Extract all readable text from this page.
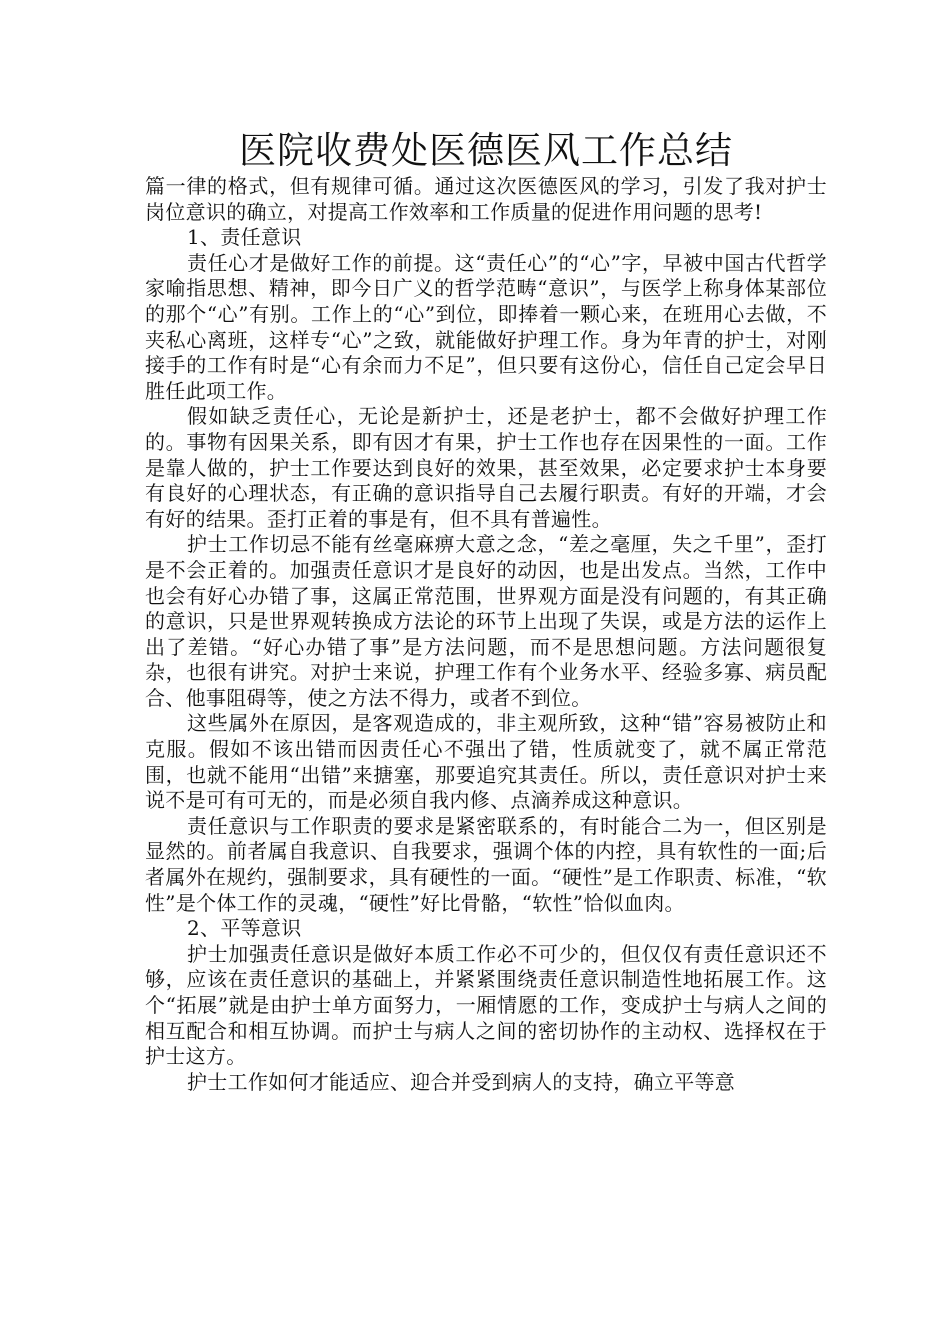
医院收费处医德医风工作总结

篇一律的格式，但有规律可循。通过这次医德医风的学习，引发了我对护士岗位意识的确立，对提高工作效率和工作质量的促进作用问题的思考!

1、责任意识

责任心才是做好工作的前提。这“责任心”的“心”字，早被中国古代哲学家喻指思想、精神，即今日广义的哲学范畴“意识”，与医学上称身体某部位的那个“心”有别。工作上的“心”到位，即捧着一颗心来，在班用心去做，不夹私心离班，这样专“心”之致，就能做好护理工作。身为年青的护士，对刚接手的工作有时是“心有余而力不足”，但只要有这份心，信任自己定会早日胜任此项工作。

假如缺乏责任心，无论是新护士，还是老护士，都不会做好护理工作的。事物有因果关系，即有因才有果，护士工作也存在因果性的一面。工作是靠人做的，护士工作要达到良好的效果，甚至效果，必定要求护士本身要有良好的心理状态，有正确的意识指导自己去履行职责。有好的开端，才会有好的结果。歪打正着的事是有，但不具有普遍性。

护士工作切忌不能有丝毫麻痹大意之念，“差之毫厘，失之千里”，歪打是不会正着的。加强责任意识才是良好的动因，也是出发点。当然，工作中也会有好心办错了事，这属正常范围，世界观方面是没有问题的，有其正确的意识，只是世界观转换成方法论的环节上出现了失误，或是方法的运作上出了差错。“好心办错了事”是方法问题，而不是思想问题。方法问题很复杂，也很有讲究。对护士来说，护理工作有个业务水平、经验多寡、病员配合、他事阻碍等，使之方法不得力，或者不到位。

这些属外在原因，是客观造成的，非主观所致，这种“错”容易被防止和克服。假如不该出错而因责任心不强出了错，性质就变了，就不属正常范围，也就不能用“出错”来搪塞，那要追究其责任。所以，责任意识对护士来说不是可有可无的，而是必须自我内修、点滴养成这种意识。

责任意识与工作职责的要求是紧密联系的，有时能合二为一，但区别是显然的。前者属自我意识、自我要求，强调个体的内控，具有软性的一面;后者属外在规约，强制要求，具有硬性的一面。“硬性”是工作职责、标准，“软性”是个体工作的灵魂，“硬性”好比骨骼，“软性”恰似血肉。

2、平等意识

护士加强责任意识是做好本质工作必不可少的，但仅仅有责任意识还不够，应该在责任意识的基础上，并紧紧围绕责任意识制造性地拓展工作。这个“拓展”就是由护士单方面努力，一厢情愿的工作，变成护士与病人之间的相互配合和相互协调。而护士与病人之间的密切协作的主动权、选择权在于护士这方。

护士工作如何才能适应、迎合并受到病人的支持，确立平等意
